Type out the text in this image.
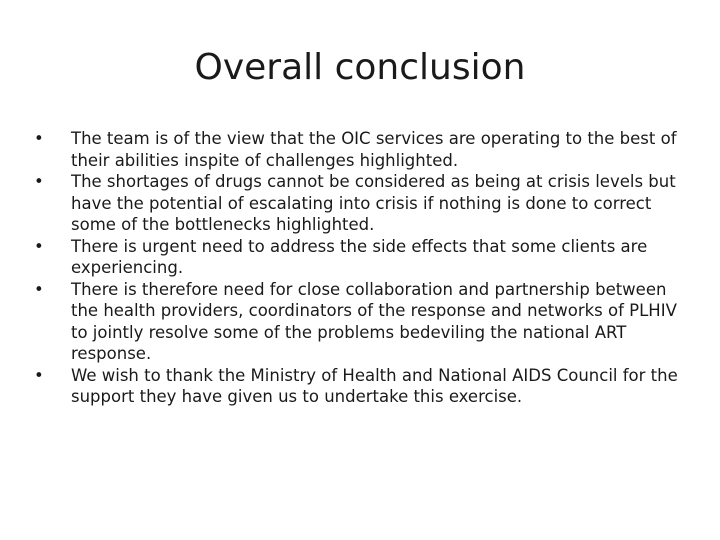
Overall conclusion
•	The team is of the view that the OIC services are operating to the best of their abilities inspite of challenges highlighted.
•	The shortages of drugs cannot be considered as being at crisis levels but have the potential of escalating into crisis if nothing is done to correct some of the bottlenecks highlighted.
•	There is urgent need to address the side effects that some clients are experiencing.
•	There is therefore need for close collaboration and partnership between the health providers, coordinators of the response and networks of PLHIV to jointly resolve some of the problems bedeviling the national ART response.
•	We wish to thank the Ministry of Health and National AIDS Council for the support they have given us to undertake this exercise.
